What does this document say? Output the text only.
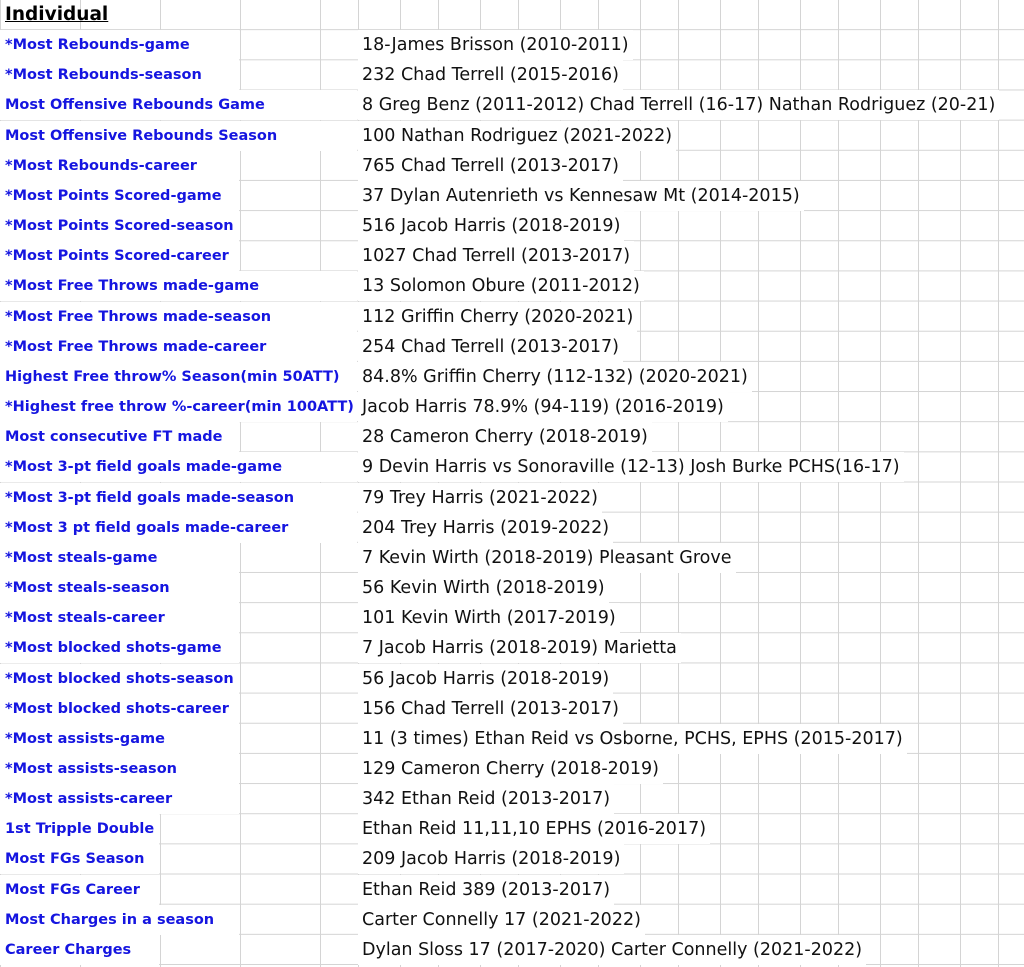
Individual
*Most Rebounds-game	18-James Brisson (2010-2011)
*Most Rebounds-season	232 Chad Terrell (2015-2016)
Most Offensive Rebounds Game	8 Greg Benz (2011-2012) Chad Terrell (16-17) Nathan Rodriguez (20-21)
Most Offensive Rebounds Season	100 Nathan Rodriguez (2021-2022)
*Most Rebounds-career	765 Chad Terrell (2013-2017)
*Most Points Scored-game	37 Dylan Autenrieth vs Kennesaw Mt (2014-2015)
*Most Points Scored-season	516 Jacob Harris (2018-2019)
*Most Points Scored-career	1027 Chad Terrell (2013-2017)
*Most Free Throws made-game	13 Solomon Obure (2011-2012)
*Most Free Throws made-season	112 Griffin Cherry (2020-2021)
*Most Free Throws made-career	254 Chad Terrell (2013-2017)
Highest Free throw% Season(min 50ATT)	84.8% Griffin Cherry (112-132) (2020-2021)
*Highest free throw %-career(min 100ATT) Jacob Harris 78.9% (94-119) (2016-2019)
Most consecutive FT made	28 Cameron Cherry (2018-2019)
*Most 3-pt field goals made-game	9 Devin Harris vs Sonoraville (12-13) Josh Burke PCHS(16-17)
*Most 3-pt field goals made-season	79 Trey Harris (2021-2022)
*Most 3 pt field goals made-career	204 Trey Harris (2019-2022)
*Most steals-game	7 Kevin Wirth (2018-2019) Pleasant Grove
*Most steals-season	56 Kevin Wirth (2018-2019)
*Most steals-career	101 Kevin Wirth (2017-2019)
*Most blocked shots-game	7 Jacob Harris (2018-2019) Marietta
*Most blocked shots-season	56 Jacob Harris (2018-2019)
*Most blocked shots-career	156 Chad Terrell (2013-2017)
*Most assists-game	11 (3 times) Ethan Reid vs Osborne, PCHS, EPHS (2015-2017)
*Most assists-season	129 Cameron Cherry (2018-2019)
*Most assists-career	342 Ethan Reid (2013-2017)
1st Tripple Double	Ethan Reid 11,11,10 EPHS (2016-2017)
Most FGs Season	209 Jacob Harris (2018-2019)
Most FGs Career	Ethan Reid 389 (2013-2017)
Most Charges in a season	Carter Connelly 17 (2021-2022)
Career Charges	Dylan Sloss 17 (2017-2020) Carter Connelly (2021-2022)
